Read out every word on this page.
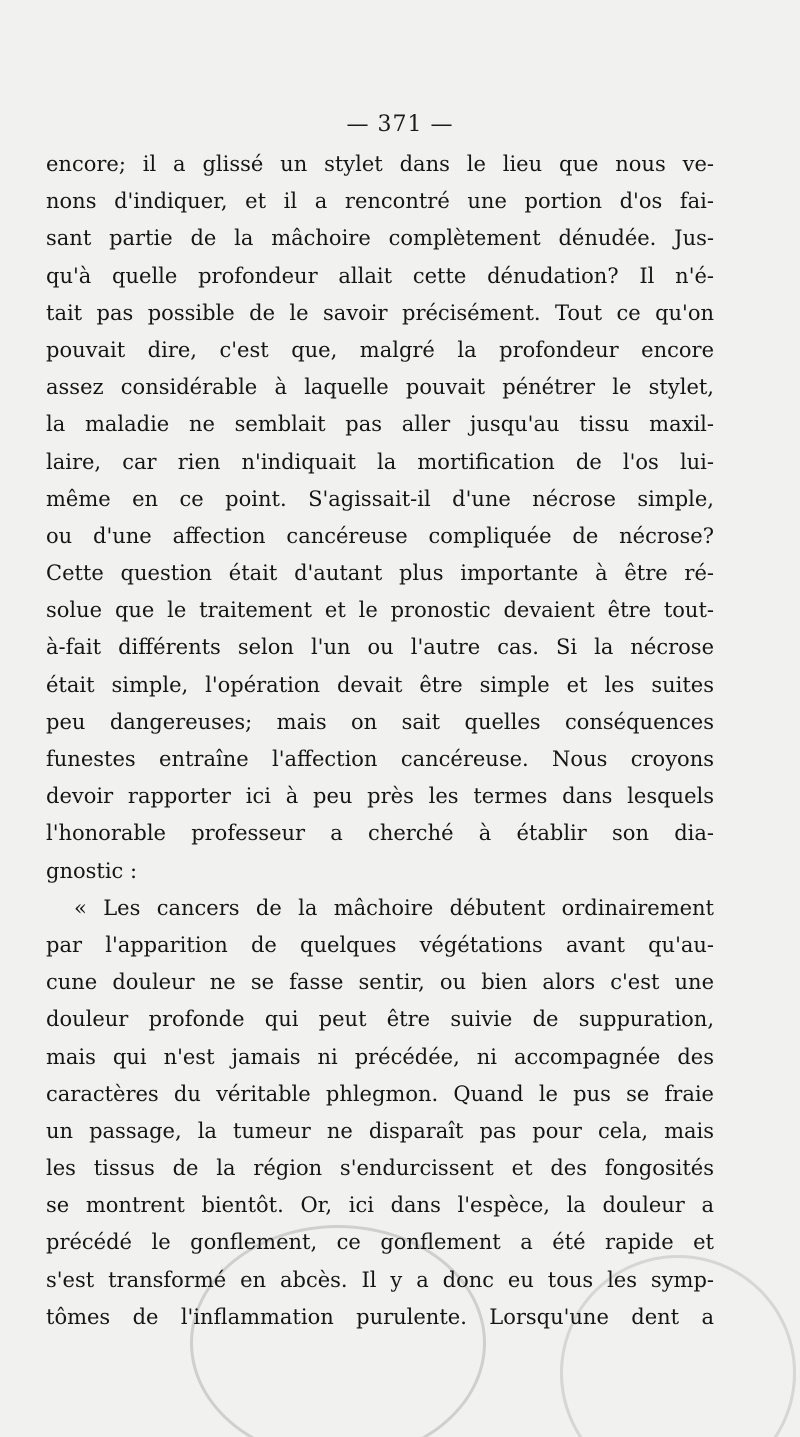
— 371 —
encore; il a glissé un stylet dans le lieu que nous ve-
nons d'indiquer, et il a rencontré une portion d'os fai-
sant partie de la mâchoire complètement dénudée. Jus-
qu'à quelle profondeur allait cette dénudation? Il n'é-
tait pas possible de le savoir précisément. Tout ce qu'on
pouvait dire, c'est que, malgré la profondeur encore
assez considérable à laquelle pouvait pénétrer le stylet,
la maladie ne semblait pas aller jusqu'au tissu maxil-
laire, car rien n'indiquait la mortification de l'os lui-
même en ce point. S'agissait-il d'une nécrose simple,
ou d'une affection cancéreuse compliquée de nécrose?
Cette question était d'autant plus importante à être ré-
solue que le traitement et le pronostic devaient être tout-
à-fait différents selon l'un ou l'autre cas. Si la nécrose
était simple, l'opération devait être simple et les suites
peu dangereuses; mais on sait quelles conséquences
funestes entraîne l'affection cancéreuse. Nous croyons
devoir rapporter ici à peu près les termes dans lesquels
l'honorable professeur a cherché à établir son dia-
gnostic :
« Les cancers de la mâchoire débutent ordinairement
par l'apparition de quelques végétations avant qu'au-
cune douleur ne se fasse sentir, ou bien alors c'est une
douleur profonde qui peut être suivie de suppuration,
mais qui n'est jamais ni précédée, ni accompagnée des
caractères du véritable phlegmon. Quand le pus se fraie
un passage, la tumeur ne disparaît pas pour cela, mais
les tissus de la région s'endurcissent et des fongosités
se montrent bientôt. Or, ici dans l'espèce, la douleur a
précédé le gonflement, ce gonflement a été rapide et
s'est transformé en abcès. Il y a donc eu tous les symp-
tômes de l'inflammation purulente. Lorsqu'une dent a
